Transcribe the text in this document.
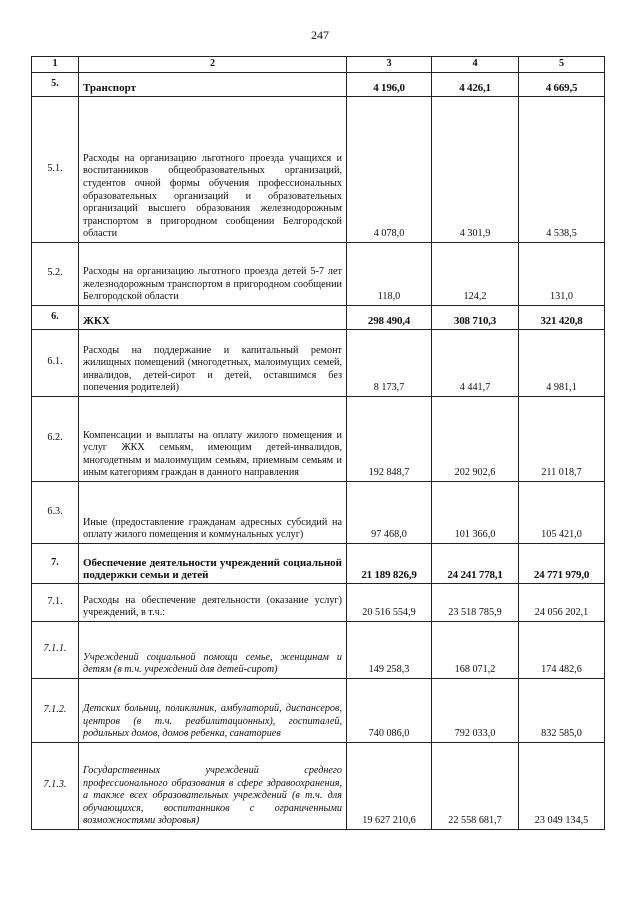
247
1	2	3	4	5
5.	Транспорт	4 196,0	4 426,1	4 669,5
5.1.	Расходы на организацию льготного проезда учащихся и воспитанников общеобразовательных организаций, студентов очной формы обучения профессиональных образовательных организаций и образовательных организаций высшего образования железнодорожным транспортом в пригородном сообщении Белгородской области	4 078,0	4 301,9	4 538,5
5.2.	Расходы на организацию льготного проезда детей 5-7 лет железнодорожным транспортом в пригородном сообщении Белгородской области	118,0	124,2	131,0
6.	ЖКХ	298 490,4	308 710,3	321 420,8
6.1.	Расходы на поддержание и капитальный ремонт жилищных помещений (многодетных, малоимущих семей, инвалидов, детей-сирот и детей, оставшимся без попечения родителей)	8 173,7	4 441,7	4 981,1
6.2.	Компенсации и выплаты на оплату жилого помещения и услуг ЖКХ семьям, имеющим детей-инвалидов, многодетным и малоимущим семьям, приемным семьям и иным категориям граждан в данного направления	192 848,7	202 902,6	211 018,7
6.3.	Иные (предоставление гражданам адресных субсидий на оплату жилого помещения и коммунальных услуг)	97 468,0	101 366,0	105 421,0
7.	Обеспечение деятельности учреждений социальной поддержки семьи и детей	21 189 826,9	24 241 778,1	24 771 979,0
7.1.	Расходы на обеспечение деятельности (оказание услуг) учреждений, в т.ч.:	20 516 554,9	23 518 785,9	24 056 202,1
7.1.1.	Учреждений социальной помощи семье, женщинам и детям (в т.ч. учреждений для детей-сирот)	149 258,3	168 071,2	174 482,6
7.1.2.	Детских больниц, поликлиник, амбулаторий, диспансеров, центров (в т.ч. реабилитационных), госпиталей, родильных домов, домов ребенка, санаториев	740 086,0	792 033,0	832 585,0
7.1.3.	Государственных учреждений среднего профессионального образования в сфере здравоохранения, а также всех образовательных учреждений (в т.ч. для обучающихся, воспитанников с ограниченными возможностями здоровья)	19 627 210,6	22 558 681,7	23 049 134,5
